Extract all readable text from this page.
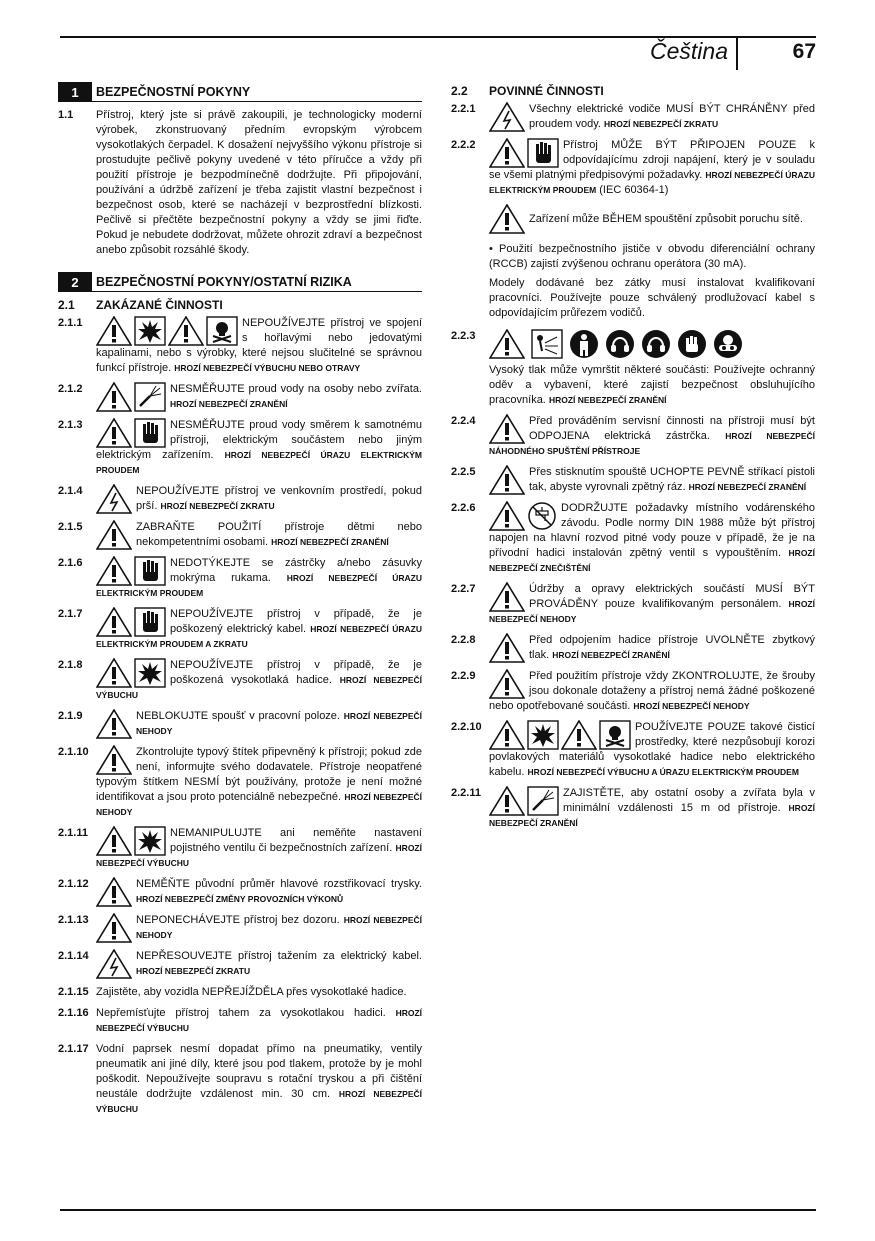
Čeština	67
1	BEZPEČNOSTNÍ POKYNY
1.1 Přístroj, který jste si právě zakoupili, je technologicky moderní výrobek, zkonstruovaný předním evropským výrobcem vysokotlakých čerpadel. K dosažení nejvyššího výkonu přístroje si prostudujte pečlivě pokyny uvedené v této příručce a vždy při použití přístroje je bezpodmínečně dodržujte. Při připojování, používání a údržbě zařízení je třeba zajistit vlastní bezpečnost i bezpečnost osob, které se nacházejí v bezprostřední blízkosti. Pečlivě si přečtěte bezpečnostní pokyny a vždy se jimi řiďte. Pokud je nebudete dodržovat, můžete ohrozit zdraví a bezpečnost anebo způsobit rozsáhlé škody.
2	BEZPEČNOSTNÍ POKYNY/OSTATNÍ RIZIKA
2.1	ZAKÁZANÉ ČINNOSTI
2.1.1	NEPOUŽÍVEJTE přístroj ve spojení s hořlavými nebo jedovatými kapalinami, nebo s výrobky, které nejsou slučitelné se správnou funkcí přístroje. HROZÍ NEBEZPEČÍ VÝBUCHU NEBO OTRAVY
2.1.2	NESMĚŘUJTE proud vody na osoby nebo zvířata. HROZÍ NEBEZPEČÍ ZRANĚNÍ
2.1.3	NESMĚŘUJTE proud vody směrem k samotnému přístroji, elektrickým součástem nebo jiným elektrickým zařízením. HROZÍ NEBEZPEČÍ ÚRAZU ELEKTRICKÝM PROUDEM
2.1.4	NEPOUŽÍVEJTE přístroj ve venkovním prostředí, pokud prší. HROZÍ NEBEZPEČÍ ZKRATU
2.1.5	ZABRAŇTE POUŽITÍ přístroje dětmi nebo nekompetentními osobami. HROZÍ NEBEZPEČÍ ZRANĚNÍ
2.1.6	NEDOTÝKEJTE se zástrčky a/nebo zásuvky mokrýma rukama. HROZÍ NEBEZPEČÍ ÚRAZU ELEKTRICKÝM PROUDEM
2.1.7	NEPOUŽÍVEJTE přístroj v případě, že je poškozený elektrický kabel. HROZÍ NEBEZPEČÍ ÚRAZU ELEKTRICKÝM PROUDEM A ZKRATU
2.1.8	NEPOUŽÍVEJTE přístroj v případě, že je poškozená vysokotlaká hadice. HROZÍ NEBEZPEČÍ VÝBUCHU
2.1.9	NEBLOKUJTE spoušť v pracovní poloze. HROZÍ NEBEZPEČÍ NEHODY
2.1.10	Zkontrolujte typový štítek připevněný k přístroji; pokud zde není, informujte svého dodavatele. Přístroje neopatřené typovým štítkem NESMÍ být používány, protože je není možné identifikovat a jsou proto potenciálně nebezpečné. HROZÍ NEBEZPEČÍ NEHODY
2.1.11	NEMANIPULUJTE ani neměňte nastavení pojistného ventilu či bezpečnostních zařízení. HROZÍ NEBEZPEČÍ VÝBUCHU
2.1.12	NEMĚŇTE původní průměr hlavové rozstřikovací trysky. HROZÍ NEBEZPEČÍ ZMĚNY PROVOZNÍCH VÝKONŮ
2.1.13	NEPONECHÁVEJTE přístroj bez dozoru. HROZÍ NEBEZPEČÍ NEHODY
2.1.14	NEPŘESOUVEJTE přístroj tažením za elektrický kabel. HROZÍ NEBEZPEČÍ ZKRATU
2.1.15 Zajistěte, aby vozidla NEPŘEJÍŽDĚLA přes vysokotlaké hadice.
2.1.16 Nepřemísťujte přístroj tahem za vysokotlakou hadici. HROZÍ NEBEZPEČÍ VÝBUCHU
2.1.17 Vodní paprsek nesmí dopadat přímo na pneumatiky, ventily pneumatik ani jiné díly, které jsou pod tlakem, protože by je mohl poškodit. Nepoužívejte soupravu s rotační tryskou a při čištění neustále dodržujte vzdálenost min. 30 cm. HROZÍ NEBEZPEČÍ VÝBUCHU
2.2	POVINNÉ ČINNOSTI
2.2.1	Všechny elektrické vodiče MUSÍ BÝT CHRÁNĚNY před proudem vody. HROZÍ NEBEZPEČÍ ZKRATU
2.2.2	Přístroj MŮŽE BÝT PŘIPOJEN POUZE k odpovídajícímu zdroji napájení, který je v souladu se všemi platnými předpisovými požadavky. HROZÍ NEBEZPEČÍ ÚRAZU ELEKTRICKÝM PROUDEM (IEC 60364-1)
Zařízení může BĚHEM spouštění způsobit poruchu sítě.
• Použití bezpečnostního jističe v obvodu diferenciální ochrany (RCCB) zajistí zvýšenou ochranu operátora (30 mA).
Modely dodávané bez zátky musí instalovat kvalifikovaní pracovníci. Používejte pouze schválený prodlužovací kabel s odpovídajícím průřezem vodičů.
2.2.3
Vysoký tlak může vymrštit některé součásti: Používejte ochranný oděv a vybavení, které zajistí bezpečnost obsluhujícího pracovníka. HROZÍ NEBEZPEČÍ ZRANĚNÍ
2.2.4	Před prováděním servisní činnosti na přístroji musí být ODPOJENA elektrická zástrčka. HROZÍ NEBEZPEČÍ NÁHODNÉHO SPUŠTĚNÍ PŘÍSTROJE
2.2.5	Přes stisknutím spouště UCHOPTE PEVNĚ stříkací pistoli tak, abyste vyrovnali zpětný ráz. HROZÍ NEBEZPEČÍ ZRANĚNÍ
2.2.6	DODRŽUJTE požadavky místního vodárenského závodu. Podle normy DIN 1988 může být přístroj napojen na hlavní rozvod pitné vody pouze v případě, že je na přívodní hadici instalován zpětný ventil s vypouštěním. HROZÍ NEBEZPEČÍ ZNEČIŠTĚNÍ
2.2.7	Údržby a opravy elektrických součástí MUSÍ BÝT PROVÁDĚNY pouze kvalifikovaným personálem. HROZÍ NEBEZPEČÍ NEHODY
2.2.8	Před odpojením hadice přístroje UVOLNĚTE zbytkový tlak. HROZÍ NEBEZPEČÍ ZRANĚNÍ
2.2.9	Před použitím přístroje vždy ZKONTROLUJTE, že šrouby jsou dokonale dotaženy a přístroj nemá žádné poškozené nebo opotřebované součásti. HROZÍ NEBEZPEČÍ NEHODY
2.2.10	POUŽÍVEJTE POUZE takové čisticí prostředky, které nezpůsobují korozi povlakových materiálů vysokotlaké hadice nebo elektrického kabelu. HROZÍ NEBEZPEČÍ VÝBUCHU A ÚRAZU ELEKTRICKÝM PROUDEM
2.2.11	ZAJISTĚTE, aby ostatní osoby a zvířata byla v minimální vzdálenosti 15 m od přístroje. HROZÍ NEBEZPEČÍ ZRANĚNÍ
